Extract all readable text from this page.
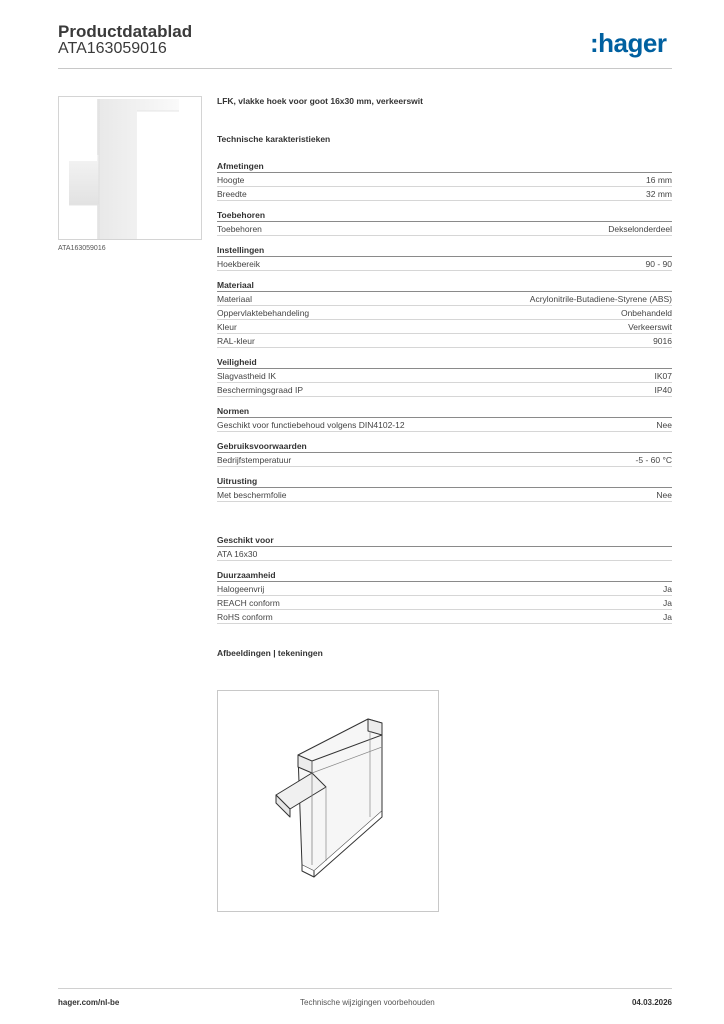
Productdatablad
ATA163059016	:hager
ATA163059016
LFK, vlakke hoek voor goot 16x30 mm, verkeerswit
Technische karakteristieken
Afmetingen
Hoogte	16 mm
Breedte	32 mm
Toebehoren
Toebehoren	Dekselonderdeel
Instellingen
Hoekbereik	90 - 90
Materiaal
Materiaal	Acrylonitrile-Butadiene-Styrene (ABS)
Oppervlaktebehandeling	Onbehandeld
Kleur	Verkeerswit
RAL-kleur	9016
Veiligheid
Slagvastheid IK	IK07
Beschermingsgraad IP	IP40
Normen
Geschikt voor functiebehoud volgens DIN4102-12	Nee
Gebruiksvoorwaarden
Bedrijfstemperatuur	-5 - 60 °C
Uitrusting
Met beschermfolie	Nee
Geschikt voor
ATA 16x30
Duurzaamheid
Halogeenvrij	Ja
REACH conform	Ja
RoHS conform	Ja
Afbeeldingen | tekeningen
hager.com/nl-be	Technische wijzigingen voorbehouden	04.03.2026
